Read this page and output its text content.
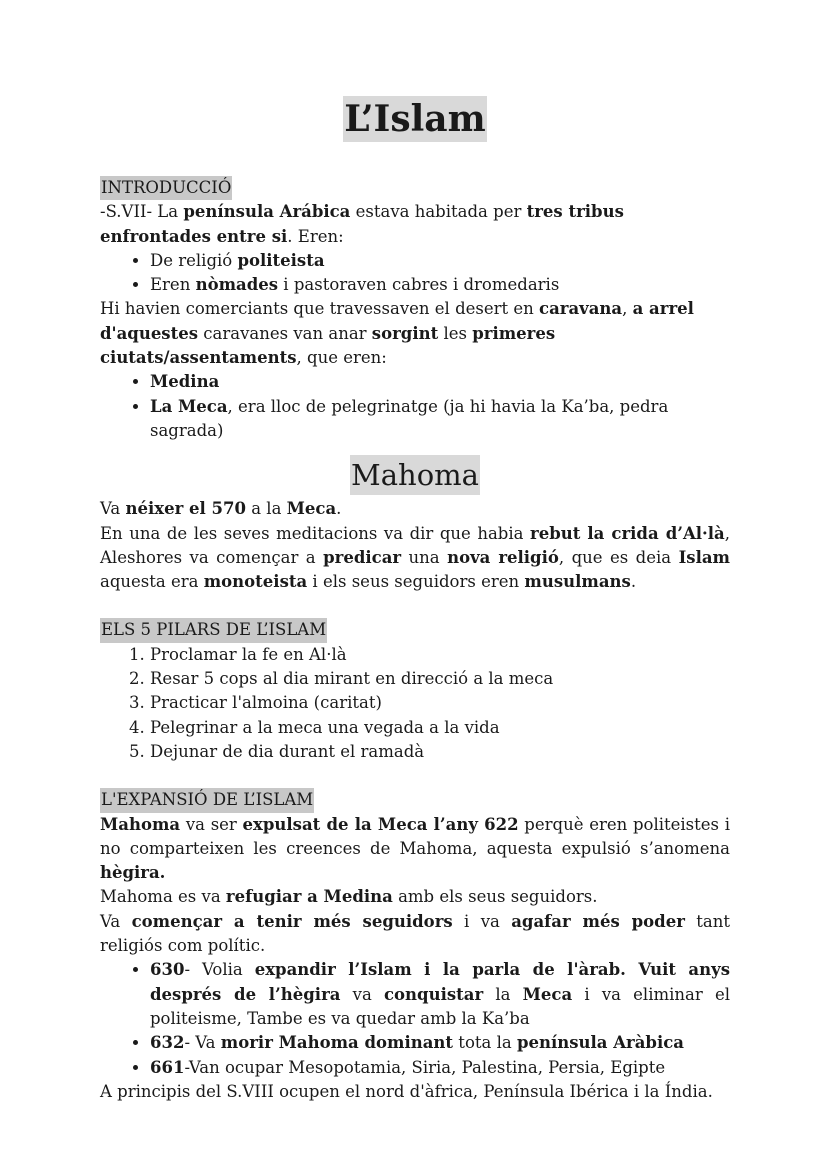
L’Islam
INTRODUCCIÓ

-S.VII- La península Arábica estava habitada per tres tribus enfrontades entre si. Eren:

• De religió politeista
• Eren nòmades i pastoraven cabres i dromedaris

Hi havien comerciants que travessaven el desert en caravana, a arrel d'aquestes caravanes van anar sorgint les primeres ciutats/assentaments, que eren:

• Medina
• La Meca, era lloc de pelegrinatge (ja hi havia la Ka’ba, pedra sagrada)
Mahoma

Va néixer el 570 a la Meca.

En una de les seves meditacions va dir que habia rebut la crida d’Al·là, Aleshores va començar a predicar una nova religió, que es deia Islam aquesta era monoteista i els seus seguidors eren musulmans.

ELS 5 PILARS DE L’ISLAM
1. Proclamar la fe en Al·là
2. Resar 5 cops al dia mirant en direcció a la meca
3. Practicar l'almoina (caritat)
4. Pelegrinar a la meca una vegada a la vida
5. Dejunar de dia durant el ramadà
L'EXPANSIÓ DE L’ISLAM

Mahoma va ser expulsat de la Meca l’any 622 perquè eren politeistes i no comparteixen les creences de Mahoma, aquesta expulsió s’anomena hègira.

Mahoma es va refugiar a Medina amb els seus seguidors.

Va començar a tenir més seguidors i va agafar més poder tant religiós com polític.

• 630- Volia expandir l’Islam i la parla de l'àrab. Vuit anys després de l’hègira va conquistar la Meca i va eliminar el politeisme, Tambe es va quedar amb la Ka’ba
• 632- Va morir Mahoma dominant tota la península Aràbica
• 661-Van ocupar Mesopotamia, Siria, Palestina, Persia, Egipte

A principis del S.VIII ocupen el nord d'àfrica, Península Ibérica i la Índia.
